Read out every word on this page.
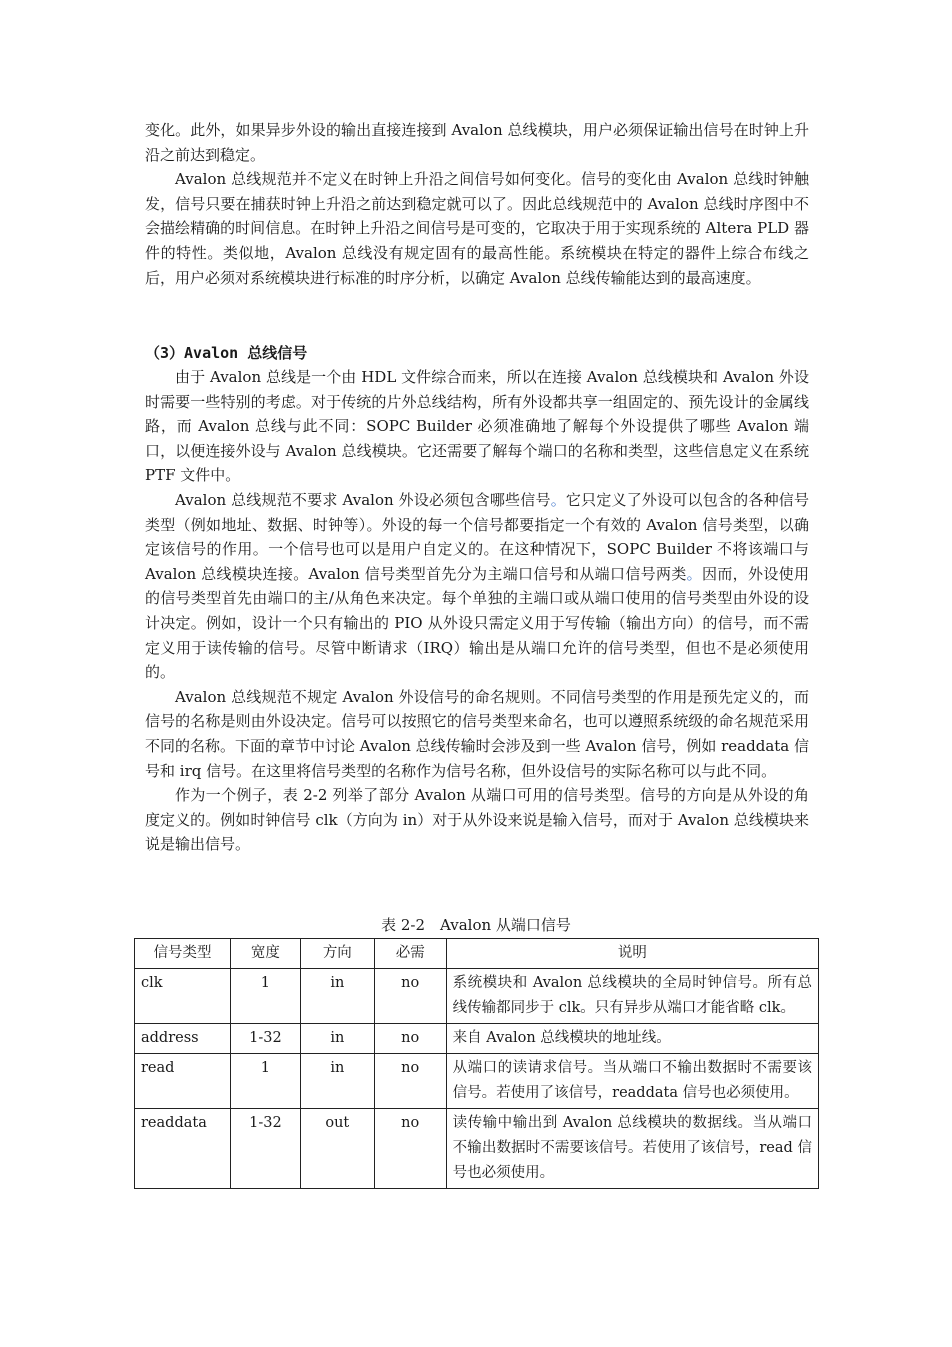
变化。此外，如果异步外设的输出直接连接到 Avalon 总线模块，用户必须保证输出信号在时钟上升沿之前达到稳定。

Avalon 总线规范并不定义在时钟上升沿之间信号如何变化。信号的变化由 Avalon 总线时钟触发，信号只要在捕获时钟上升沿之前达到稳定就可以了。因此总线规范中的 Avalon 总线时序图中不会描绘精确的时间信息。在时钟上升沿之间信号是可变的，它取决于用于实现系统的 Altera PLD 器件的特性。类似地，Avalon 总线没有规定固有的最高性能。系统模块在特定的器件上综合布线之后，用户必须对系统模块进行标准的时序分析，以确定 Avalon 总线传输能达到的最高速度。

（3）Avalon 总线信号

由于 Avalon 总线是一个由 HDL 文件综合而来，所以在连接 Avalon 总线模块和 Avalon 外设时需要一些特别的考虑。对于传统的片外总线结构，所有外设都共享一组固定的、预先设计的金属线路，而 Avalon 总线与此不同：SOPC Builder 必须准确地了解每个外设提供了哪些 Avalon 端口，以便连接外设与 Avalon 总线模块。它还需要了解每个端口的名称和类型，这些信息定义在系统 PTF 文件中。

Avalon 总线规范不要求 Avalon 外设必须包含哪些信号。它只定义了外设可以包含的各种信号类型（例如地址、数据、时钟等）。外设的每一个信号都要指定一个有效的 Avalon 信号类型，以确定该信号的作用。一个信号也可以是用户自定义的。在这种情况下，SOPC Builder 不将该端口与 Avalon 总线模块连接。Avalon 信号类型首先分为主端口信号和从端口信号两类。因而，外设使用的信号类型首先由端口的主/从角色来决定。每个单独的主端口或从端口使用的信号类型由外设的设计决定。例如，设计一个只有输出的 PIO 从外设只需定义用于写传输（输出方向）的信号，而不需定义用于读传输的信号。尽管中断请求（IRQ）输出是从端口允许的信号类型，但也不是必须使用的。

Avalon 总线规范不规定 Avalon 外设信号的命名规则。不同信号类型的作用是预先定义的，而信号的名称是则由外设决定。信号可以按照它的信号类型来命名，也可以遵照系统级的命名规范采用不同的名称。下面的章节中讨论 Avalon 总线传输时会涉及到一些 Avalon 信号，例如 readdata 信号和 irq 信号。在这里将信号类型的名称作为信号名称，但外设信号的实际名称可以与此不同。

作为一个例子，表 2-2 列举了部分 Avalon 从端口可用的信号类型。信号的方向是从外设的角度定义的。例如时钟信号 clk（方向为 in）对于从外设来说是输入信号，而对于 Avalon 总线模块来说是输出信号。

表 2-2　Avalon 从端口信号
信号类型	宽度	方向	必需	说明
clk	1	in	no	系统模块和 Avalon 总线模块的全局时钟信号。所有总线传输都同步于 clk。只有异步从端口才能省略 clk。
address	1-32	in	no	来自 Avalon 总线模块的地址线。
read	1	in	no	从端口的读请求信号。当从端口不输出数据时不需要该信号。若使用了该信号，readdata 信号也必须使用。
readdata	1-32	out	no	读传输中输出到 Avalon 总线模块的数据线。当从端口不输出数据时不需要该信号。若使用了该信号，read 信号也必须使用。
